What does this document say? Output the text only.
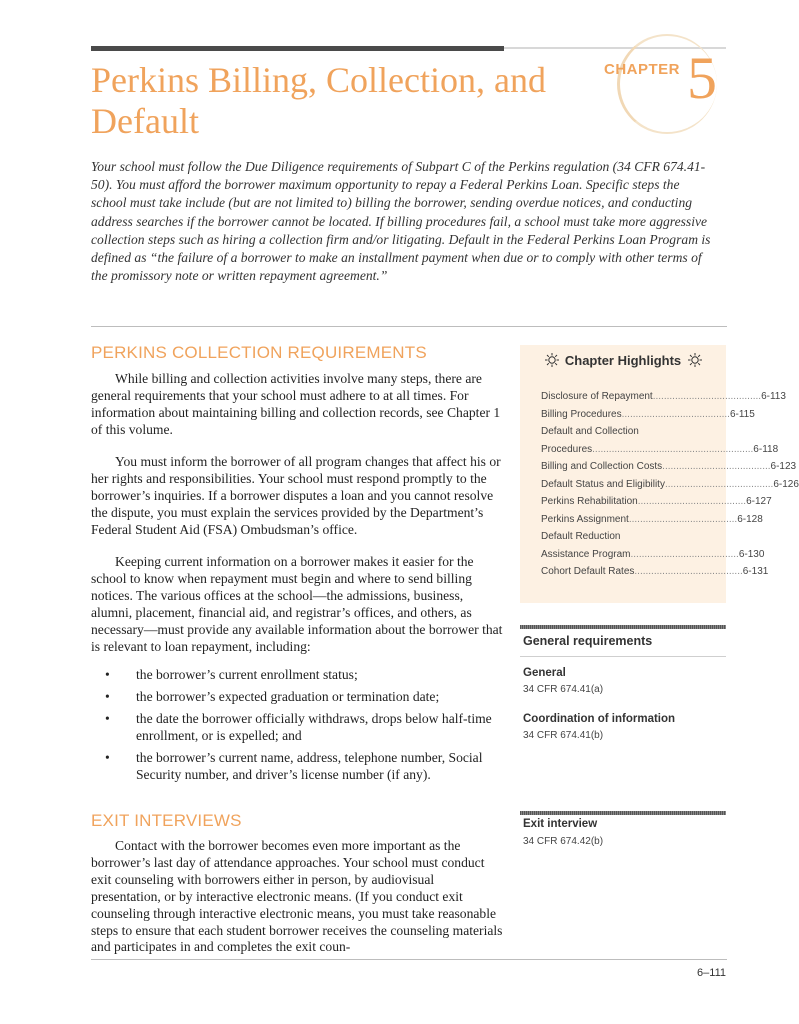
CHAPTER 5
Perkins Billing, Collection, and Default

Your school must follow the Due Diligence requirements of Subpart C of the Perkins regulation (34 CFR 674.41-50). You must afford the borrower maximum opportunity to repay a Federal Perkins Loan. Specific steps the school must take include (but are not limited to) billing the borrower, sending overdue notices, and conducting address searches if the borrower cannot be located. If billing procedures fail, a school must take more aggressive collection steps such as hiring a collection firm and/or litigating. Default in the Federal Perkins Loan Program is defined as “the failure of a borrower to make an installment payment when due or to comply with other terms of the promissory note or written repayment agreement.”

PERKINS COLLECTION REQUIREMENTS

While billing and collection activities involve many steps, there are general requirements that your school must adhere to at all times. For information about maintaining billing and collection records, see Chapter 1 of this volume.

You must inform the borrower of all program changes that affect his or her rights and responsibilities. Your school must respond promptly to the borrower’s inquiries. If a borrower disputes a loan and you cannot resolve the dispute, you must explain the services provided by the Department’s Federal Student Aid (FSA) Ombudsman’s office.

Keeping current information on a borrower makes it easier for the school to know when repayment must begin and where to send billing notices. The various offices at the school—the admissions, business, alumni, placement, financial aid, and registrar’s offices, and others, as necessary—must provide any available information about the borrower that is relevant to loan repayment, including:

• the borrower’s current enrollment status;
• the borrower’s expected graduation or termination date;
• the date the borrower officially withdraws, drops below half-time enrollment, or is expelled; and
• the borrower’s current name, address, telephone number, Social Security number, and driver’s license number (if any).
EXIT INTERVIEWS

Contact with the borrower becomes even more important as the borrower’s last day of attendance approaches. Your school must conduct exit counseling with borrowers either in person, by audiovisual presentation, or by interactive electronic means. (If you conduct exit counseling through interactive electronic means, you must take reasonable steps to ensure that each student borrower receives the counseling materials and participates in and completes the exit coun-

Chapter Highlights
Disclosure of Repayment ....................................... 6-113
Billing Procedures ....................................... 6-115
Default and Collection
Procedures .......................................................... 6-118
Billing and Collection Costs ....................................... 6-123
Default Status and Eligibility ....................................... 6-126
Perkins Rehabilitation ....................................... 6-127
Perkins Assignment ....................................... 6-128
Default Reduction
Assistance Program ....................................... 6-130
Cohort Default Rates ....................................... 6-131
General requirements
General
34 CFR 674.41(a)
Coordination of information
34 CFR 674.41(b)
Exit interview
34 CFR 674.42(b)
6–111
